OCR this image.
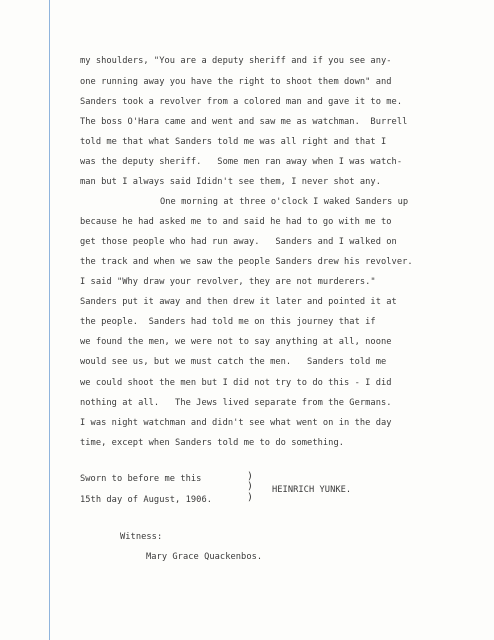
my shoulders, "You are a deputy sheriff and if you see any-
one running away you have the right to shoot them down" and
Sanders took a revolver from a colored man and gave it to me.
The boss O'Hara came and went and saw me as watchman.  Burrell
told me that what Sanders told me was all right and that I
was the deputy sheriff.   Some men ran away when I was watch-
man but I always said Ididn't see them, I never shot any.
One morning at three o'clock I waked Sanders up
because he had asked me to and said he had to go with me to
get those people who had run away.   Sanders and I walked on
the track and when we saw the people Sanders drew his revolver.
I said "Why draw your revolver, they are not murderers."
Sanders put it away and then drew it later and pointed it at
the people.  Sanders had told me on this journey that if
we found the men, we were not to say anything at all, noone
would see us, but we must catch the men.   Sanders told me
we could shoot the men but I did not try to do this - I did
nothing at all.   The Jews lived separate from the Germans.
I was night watchman and didn't see what went on in the day
time, except when Sanders told me to do something.
Sworn to before me this
15th day of August, 1906.
)
)
)
HEINRICH YUNKE.
Witness:
Mary Grace Quackenbos.
